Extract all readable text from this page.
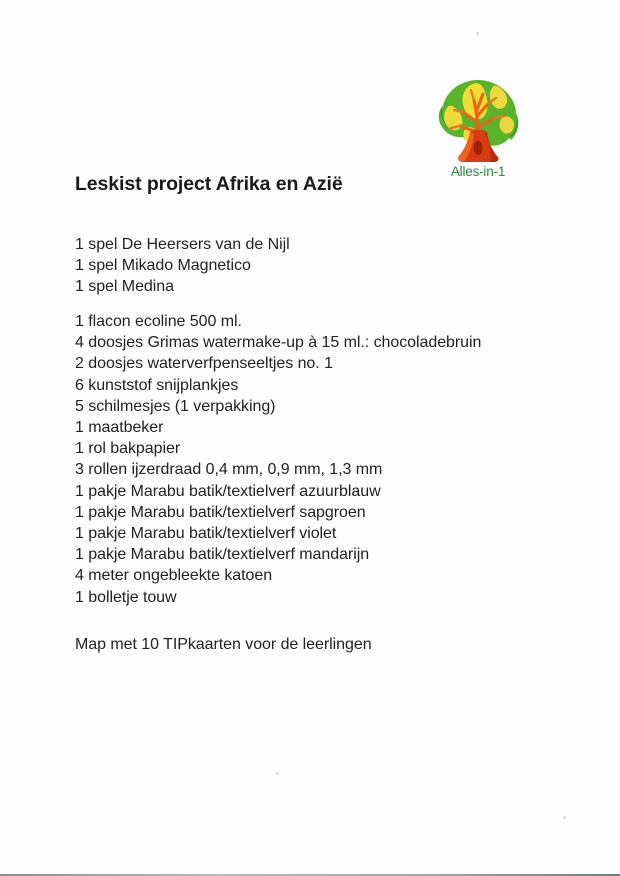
Alles-in-1
Leskist project Afrika en Azië
1 spel De Heersers van de Nijl
1 spel Mikado Magnetico
1 spel Medina
1 flacon ecoline 500 ml.
4 doosjes Grimas watermake-up à 15 ml.: chocoladebruin
2 doosjes waterverfpenseeltjes no. 1
6 kunststof snijplankjes
5 schilmesjes (1 verpakking)
1 maatbeker
1 rol bakpapier
3 rollen ijzerdraad 0,4 mm, 0,9 mm, 1,3 mm
1 pakje Marabu batik/textielverf azuurblauw
1 pakje Marabu batik/textielverf sapgroen
1 pakje Marabu batik/textielverf violet
1 pakje Marabu batik/textielverf mandarijn
4 meter ongebleekte katoen
1 bolletje touw
Map met 10 TIPkaarten voor de leerlingen
